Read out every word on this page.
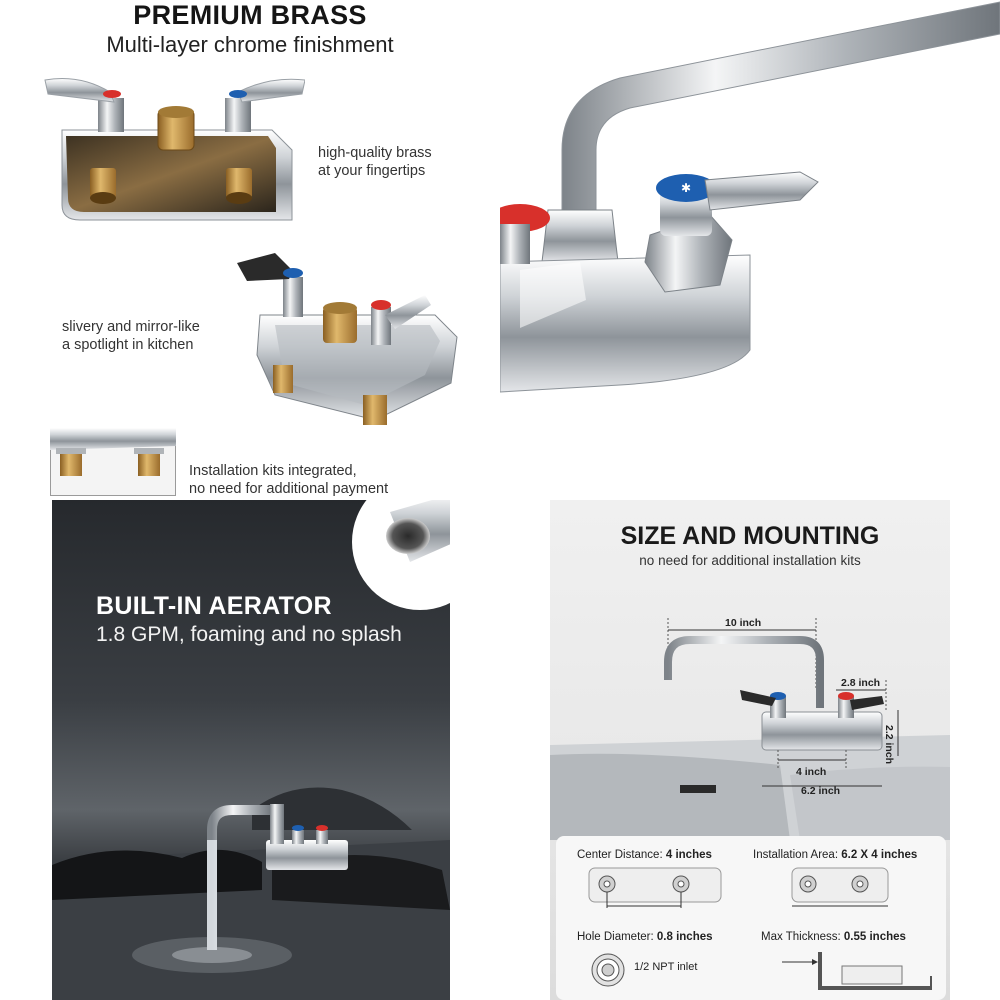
PREMIUM BRASS
Multi-layer chrome finishment
high-quality brass
at your fingertips
slivery and mirror-like
a spotlight in kitchen
Installation kits integrated,
no need for additional payment
✱
BUILT-IN AERATOR
1.8 GPM, foaming and no splash
SIZE AND MOUNTING
no need for additional installation kits
10 inch
2.8 inch
2.2 inch
4 inch
6.2 inch
Center Distance: 4 inches	Installation Area: 6.2 X 4 inches
Hole Diameter: 0.8 inches	Max Thickness: 0.55 inches
1/2 NPT inlet
